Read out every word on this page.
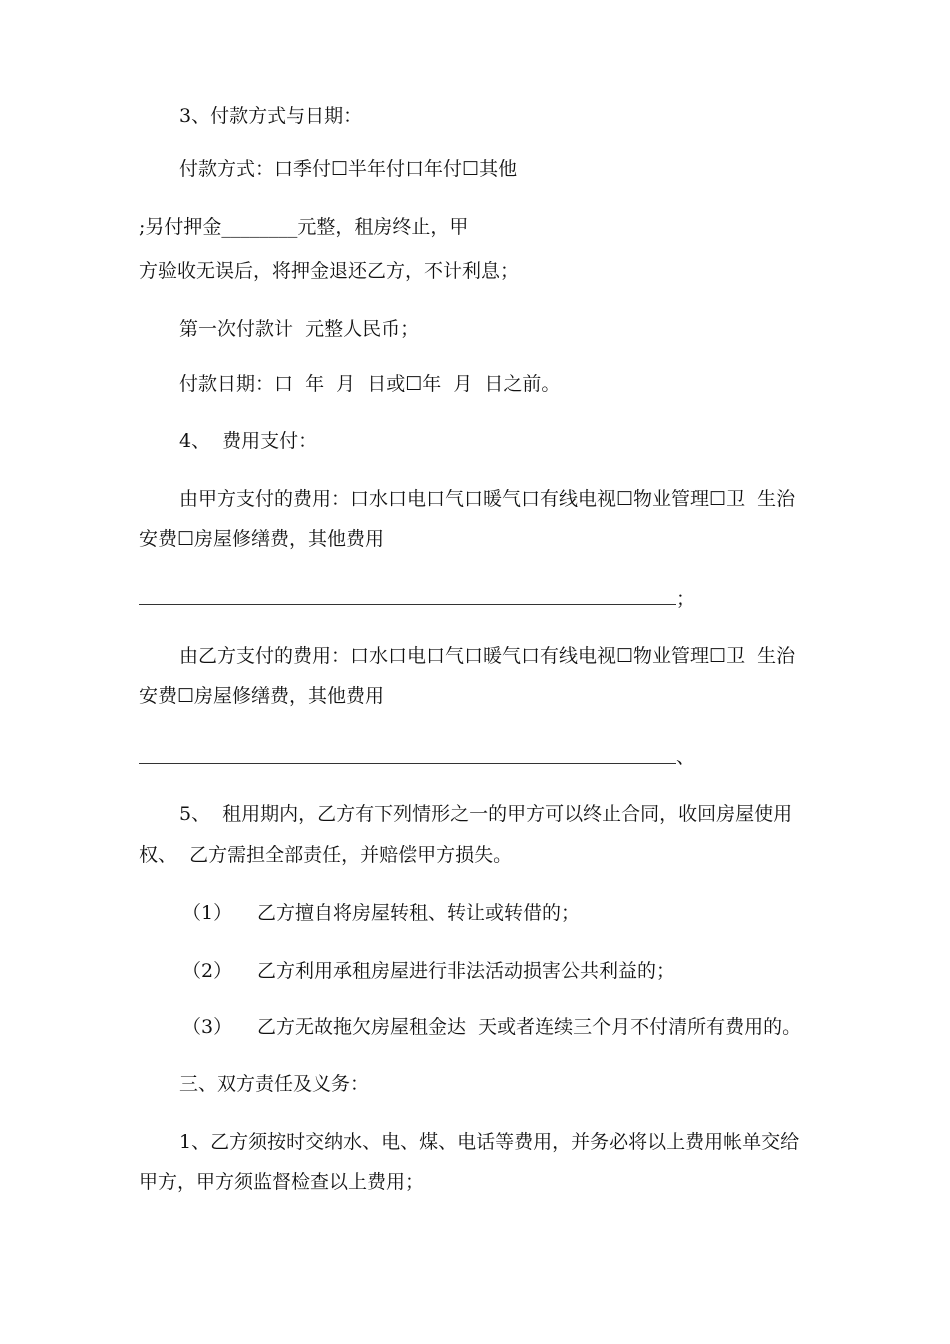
3、付款方式与日期：
付款方式：口季付☐半年付口年付☐其他
;另付押金________元整，租房终止，甲
方验收无误后，将押金退还乙方，不计利息；
第一次付款计  元整人民币；
付款日期：口  年  月  日或☐年  月  日之前。
4、  费用支付：
由甲方支付的费用：口水口电口气口暖气口有线电视☐物业管理☐卫  生治
安费☐房屋修缮费，其他费用
；
由乙方支付的费用：口水口电口气口暖气口有线电视☐物业管理☐卫  生治
安费☐房屋修缮费，其他费用
、
5、  租用期内，乙方有下列情形之一的甲方可以终止合同，收回房屋使用
权、  乙方需担全部责任，并赔偿甲方损失。
（1） 乙方擅自将房屋转租、转让或转借的；
（2） 乙方利用承租房屋进行非法活动损害公共利益的；
（3） 乙方无故拖欠房屋租金达  天或者连续三个月不付清所有费用的。
三、双方责任及义务：
1、乙方须按时交纳水、电、煤、电话等费用，并务必将以上费用帐单交给
甲方，甲方须监督检查以上费用；
